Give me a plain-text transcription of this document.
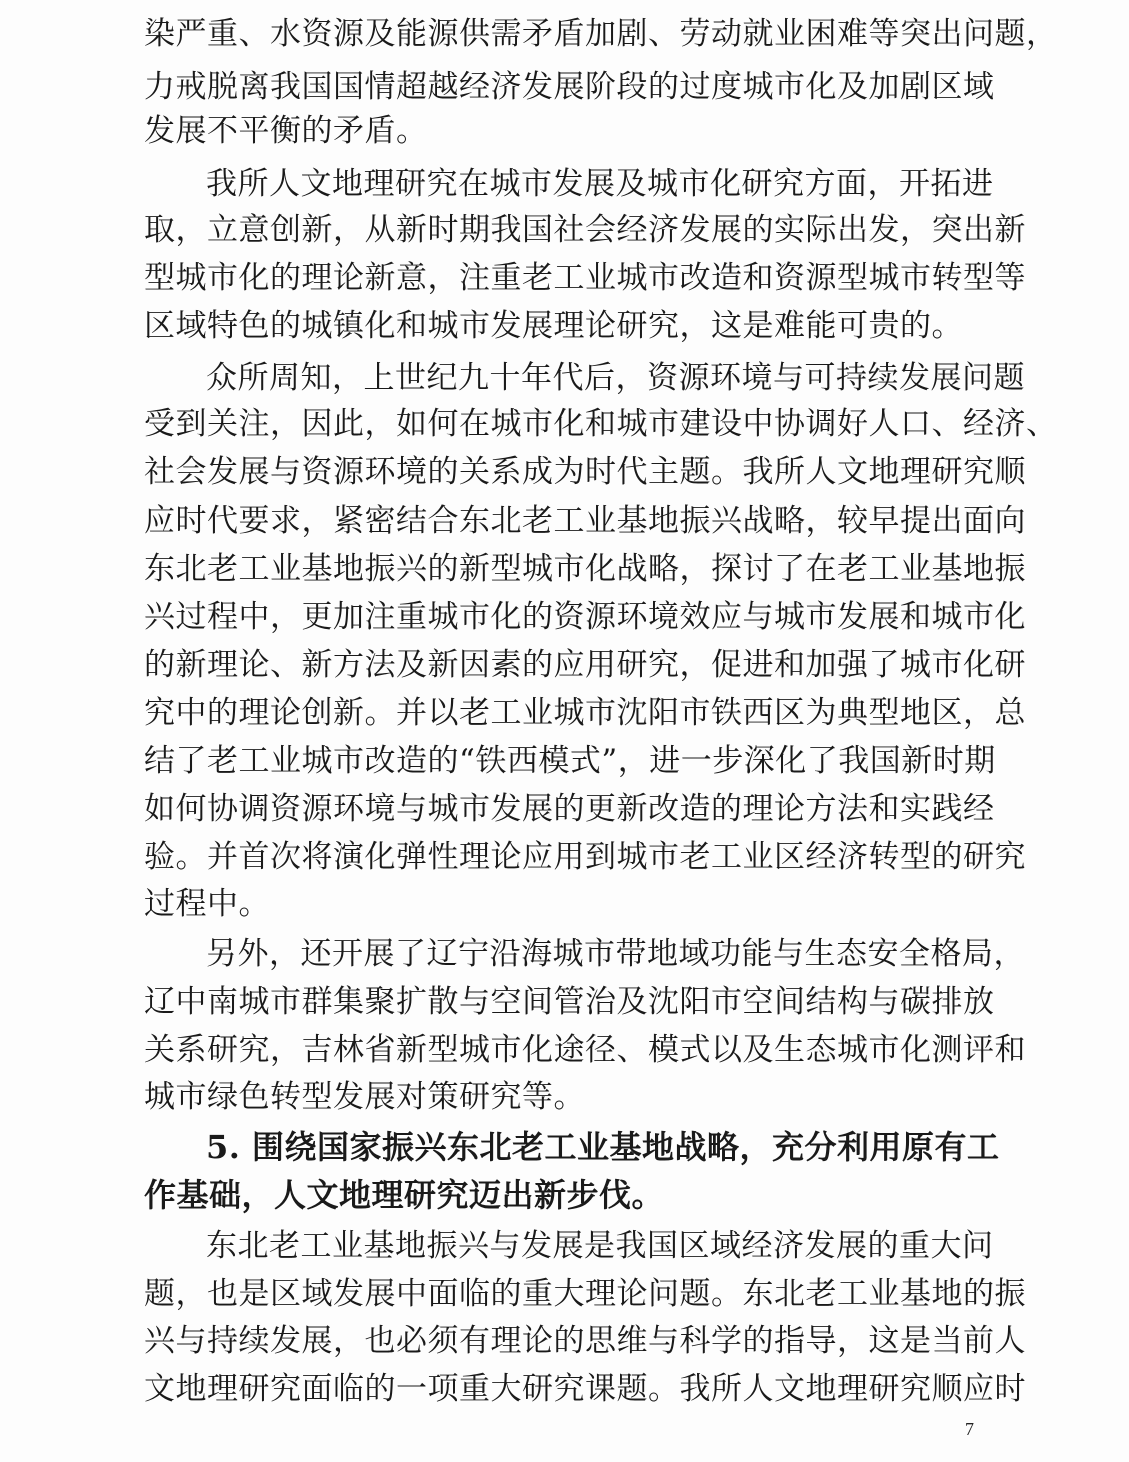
染严重、水资源及能源供需矛盾加剧、劳动就业困难等突出问题，
力戒脱离我国国情超越经济发展阶段的过度城市化及加剧区域
发展不平衡的矛盾。
我所人文地理研究在城市发展及城市化研究方面，开拓进
取，立意创新，从新时期我国社会经济发展的实际出发，突出新
型城市化的理论新意，注重老工业城市改造和资源型城市转型等
区域特色的城镇化和城市发展理论研究，这是难能可贵的。
众所周知，上世纪九十年代后，资源环境与可持续发展问题
受到关注，因此，如何在城市化和城市建设中协调好人口、经济、
社会发展与资源环境的关系成为时代主题。我所人文地理研究顺
应时代要求，紧密结合东北老工业基地振兴战略，较早提出面向
东北老工业基地振兴的新型城市化战略，探讨了在老工业基地振
兴过程中，更加注重城市化的资源环境效应与城市发展和城市化
的新理论、新方法及新因素的应用研究，促进和加强了城市化研
究中的理论创新。并以老工业城市沈阳市铁西区为典型地区，总
结了老工业城市改造的“铁西模式”，进一步深化了我国新时期
如何协调资源环境与城市发展的更新改造的理论方法和实践经
验。并首次将演化弹性理论应用到城市老工业区经济转型的研究
过程中。
另外，还开展了辽宁沿海城市带地域功能与生态安全格局，
辽中南城市群集聚扩散与空间管治及沈阳市空间结构与碳排放
关系研究，吉林省新型城市化途径、模式以及生态城市化测评和
城市绿色转型发展对策研究等。
5. 围绕国家振兴东北老工业基地战略，充分利用原有工
作基础，人文地理研究迈出新步伐。
东北老工业基地振兴与发展是我国区域经济发展的重大问
题，也是区域发展中面临的重大理论问题。东北老工业基地的振
兴与持续发展，也必须有理论的思维与科学的指导，这是当前人
文地理研究面临的一项重大研究课题。我所人文地理研究顺应时
7
